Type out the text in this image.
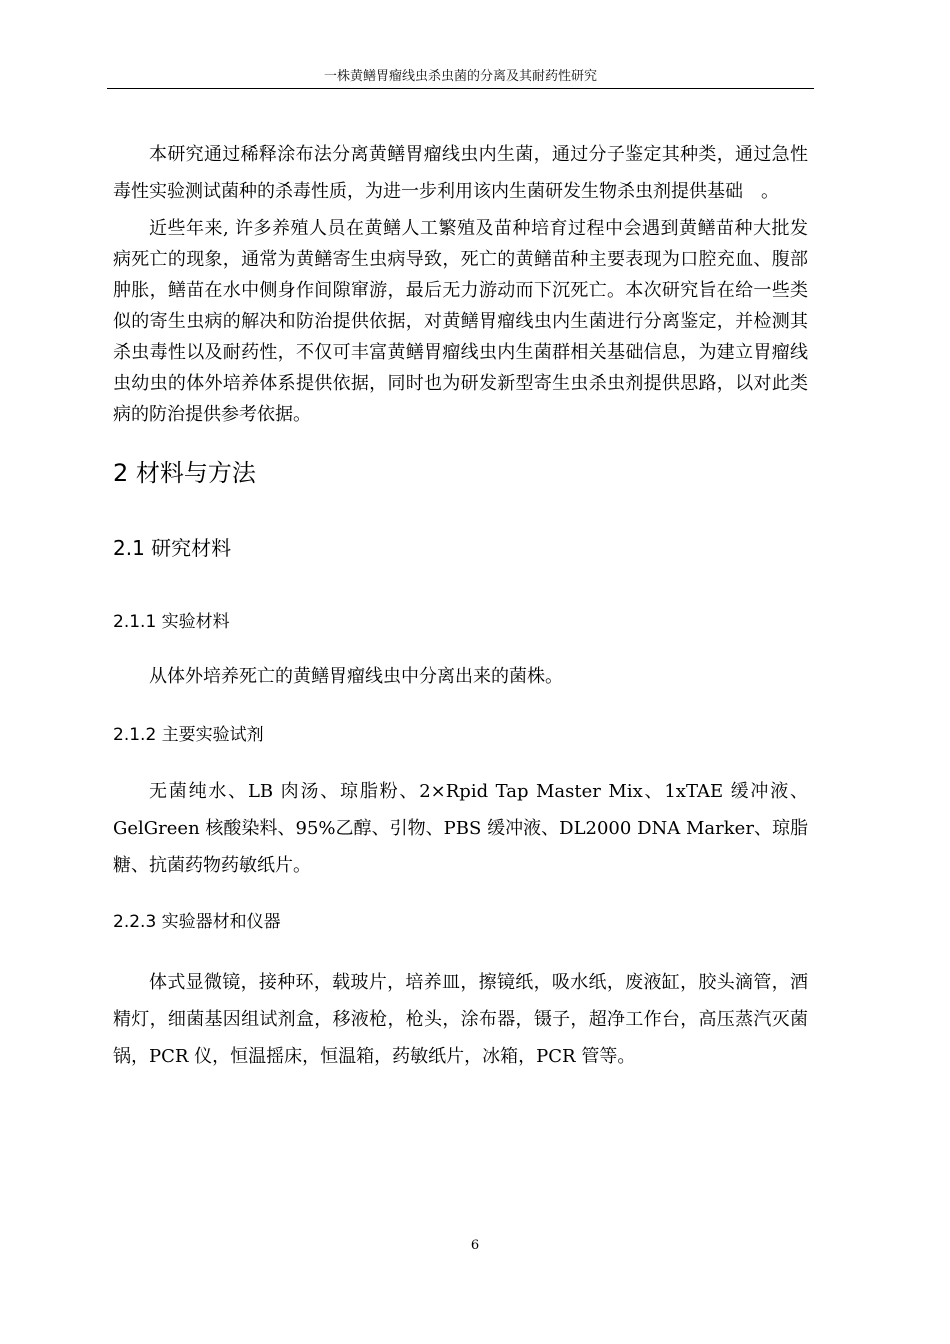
一株黄鳝胃瘤线虫杀虫菌的分离及其耐药性研究

本研究通过稀释涂布法分离黄鳝胃瘤线虫内生菌，通过分子鉴定其种类，通过急性毒性实验测试菌种的杀毒性质，为进一步利用该内生菌研发生物杀虫剂提供基础　。

近些年来, 许多养殖人员在黄鳝人工繁殖及苗种培育过程中会遇到黄鳝苗种大批发病死亡的现象，通常为黄鳝寄生虫病导致，死亡的黄鳝苗种主要表现为口腔充血、腹部肿胀，鳝苗在水中侧身作间隙窜游，最后无力游动而下沉死亡。本次研究旨在给一些类似的寄生虫病的解决和防治提供依据，对黄鳝胃瘤线虫内生菌进行分离鉴定，并检测其杀虫毒性以及耐药性，不仅可丰富黄鳝胃瘤线虫内生菌群相关基础信息，为建立胃瘤线虫幼虫的体外培养体系提供依据，同时也为研发新型寄生虫杀虫剂提供思路，以对此类病的防治提供参考依据。

2 材料与方法
2.1 研究材料
2.1.1 实验材料

从体外培养死亡的黄鳝胃瘤线虫中分离出来的菌株。

2.1.2 主要实验试剂

无菌纯水、LB 肉汤、琼脂粉、2×Rpid Tap Master Mix、1xTAE 缓冲液、GelGreen 核酸染料、95%乙醇、引物、PBS 缓冲液、DL2000 DNA Marker、琼脂糖、抗菌药物药敏纸片。

2.2.3 实验器材和仪器

体式显微镜，接种环，载玻片，培养皿，擦镜纸，吸水纸，废液缸，胶头滴管，酒精灯，细菌基因组试剂盒，移液枪，枪头，涂布器，镊子，超净工作台，高压蒸汽灭菌锅，PCR 仪，恒温摇床，恒温箱，药敏纸片，冰箱，PCR 管等。

6
